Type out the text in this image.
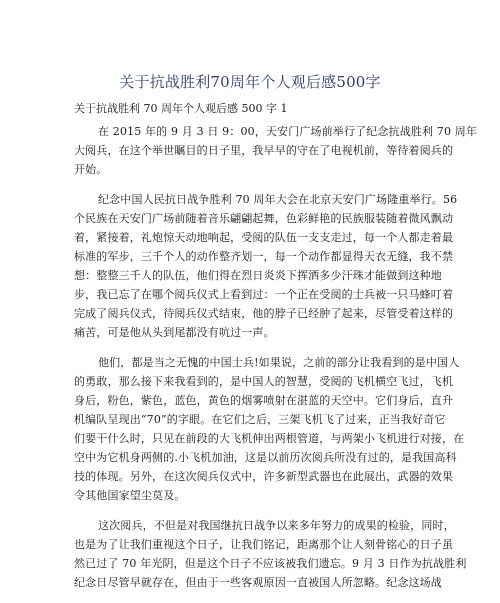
关于抗战胜利70周年个人观后感500字
关于抗战胜利 70 周年个人观后感 500 字 1
在 2015 年的 9 月 3 日 9：00，天安门广场前举行了纪念抗战胜利 70 周年
大阅兵，在这个举世瞩目的日子里，我早早的守在了电视机前，等待着阅兵的
开始。
纪念中国人民抗日战争胜利 70 周年大会在北京天安门广场隆重举行。56
个民族在天安门广场前随着音乐翩翩起舞，色彩鲜艳的民族服装随着微风飘动
着，紧接着，礼炮惊天动地响起，受阅的队伍一支支走过，每一个人都走着最
标准的军步，三千个人的动作整齐划一，每一个动作都显得天衣无缝，我不禁
想：整整三千人的队伍，他们得在烈日炎炎下挥洒多少汗珠才能做到这种地
步，我已忘了在哪个阅兵仪式上看到过：一个正在受阅的士兵被一只马蜂叮着
完成了阅兵仪式，待阅兵仪式结束，他的脖子已经肿了起来，尽管受着这样的
痛苦，可是他从头到尾都没有吭过一声。
他们，都是当之无愧的中国士兵!如果说，之前的部分让我看到的是中国人
的勇敢，那么接下来我看到的，是中国人的智慧，受阅的飞机横空飞过，飞机
身后，粉色，紫色，蓝色，黄色的烟雾喷射在湛蓝的天空中。它们身后，直升
机编队呈现出“70”的字眼。在它们之后，三架飞机飞了过来，正当我好奇它
们要干什么时，只见在前段的大飞机伸出两根管道，与两架小飞机进行对接，在
空中为它机身两侧的.小飞机加油，这是以前历次阅兵所没有过的，是我国高科
技的体现。另外，在这次阅兵仪式中，许多新型武器也在此展出，武器的效果
令其他国家望尘莫及。
这次阅兵，不但是对我国继抗日战争以来多年努力的成果的检验，同时，
也是为了让我们重视这个日子，让我们铭记，距离那个让人刻骨铭心的日子虽
然已过了 70 年光阴，但是这个日子不应该被我们遗忘。9 月 3 日作为抗战胜利
纪念日尽管早就存在，但由于一些客观原因一直被国人所忽略。纪念这场战
